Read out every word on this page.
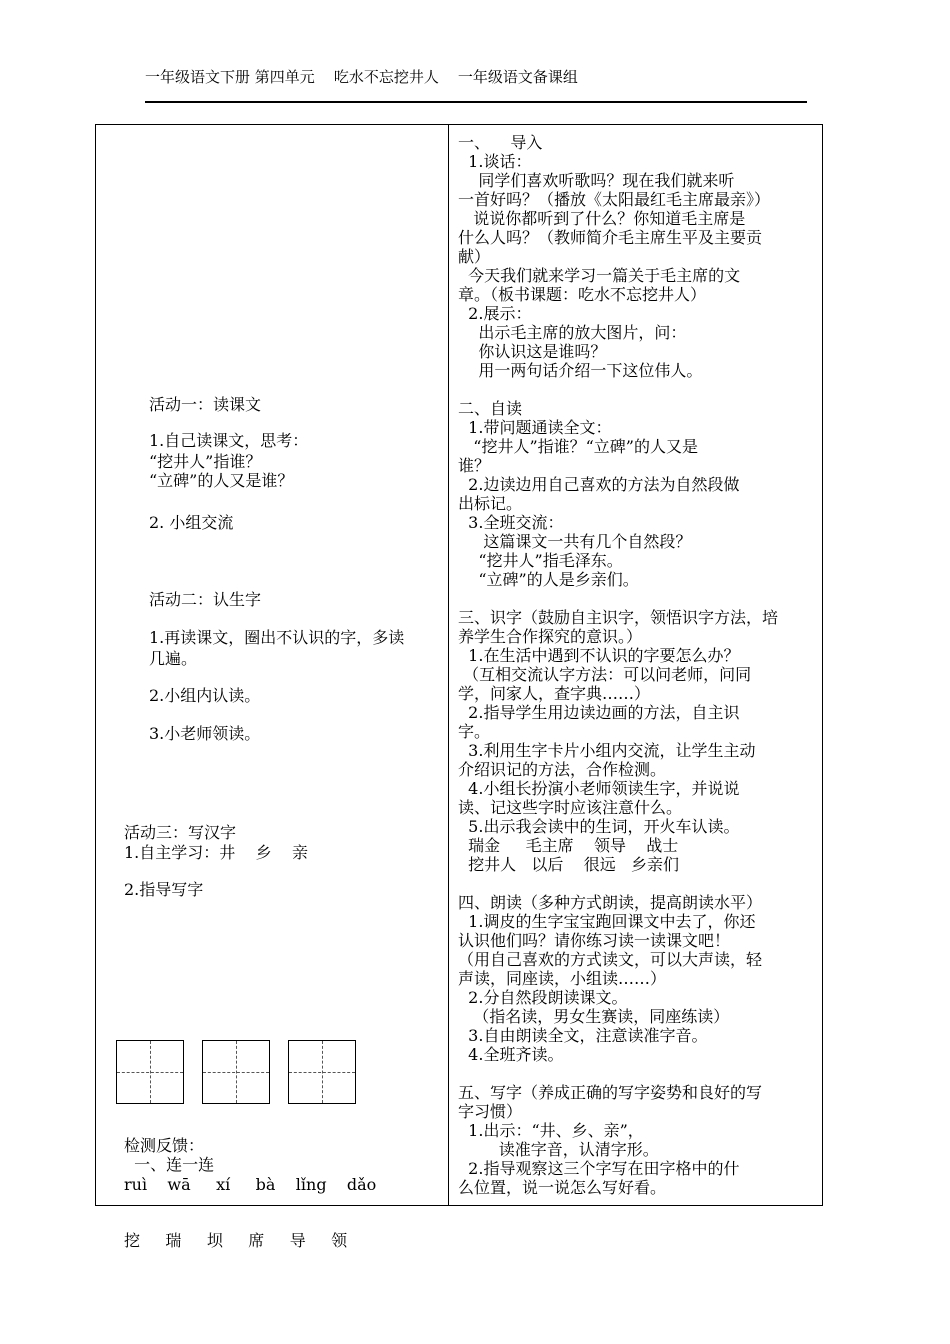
一年级语文下册 第四单元    吃水不忘挖井人    一年级语文备课组
活动一：读课文
1.自己读课文，思考：
“挖井人”指谁？
“立碑”的人又是谁？
2. 小组交流
活动二：认生字
1.再读课文，圈出不认识的字，多读
几遍。
2.小组内认读。
3.小老师领读。
活动三：写汉字
1.自主学习：井    乡    亲
2.指导写字
检测反馈：
一、连一连
ruì    wā     xí     bà    lǐng    dǎo
挖     瑞     坝     席     导     领
一、    导入
1.谈话：
同学们喜欢听歌吗？现在我们就来听
一首好吗？（播放《太阳最红毛主席最亲》）
说说你都听到了什么？你知道毛主席是
什么人吗？（教师简介毛主席生平及主要贡
献）
今天我们就来学习一篇关于毛主席的文
章。（板书课题：吃水不忘挖井人）
2.展示：
出示毛主席的放大图片，问：
你认识这是谁吗？
用一两句话介绍一下这位伟人。
二、自读
1.带问题通读全文：
“挖井人”指谁？“立碑”的人又是
谁？
2.边读边用自己喜欢的方法为自然段做
出标记。
3.全班交流：
这篇课文一共有几个自然段？
“挖井人”指毛泽东。
“立碑”的人是乡亲们。
三、识字（鼓励自主识字，领悟识字方法，培
养学生合作探究的意识。）
1.在生活中遇到不认识的字要怎么办？
（互相交流认字方法：可以问老师，问同
学，问家人，查字典……）
2.指导学生用边读边画的方法，自主识
字。
3.利用生字卡片小组内交流，让学生主动
介绍识记的方法，合作检测。
4.小组长扮演小老师领读生字，并说说
读、记这些字时应该注意什么。
5.出示我会读中的生词，开火车认读。
瑞金     毛主席    领导    战士
挖井人   以后    很远   乡亲们
四、朗读（多种方式朗读，提高朗读水平）
1.调皮的生字宝宝跑回课文中去了，你还
认识他们吗？请你练习读一读课文吧！
（用自己喜欢的方式读文，可以大声读，轻
声读，同座读，小组读……）
2.分自然段朗读课文。
（指名读，男女生赛读，同座练读）
3.自由朗读全文，注意读准字音。
4.全班齐读。
五、写字（养成正确的写字姿势和良好的写
字习惯）
1.出示：“井、乡、亲”，
读准字音，认清字形。
2.指导观察这三个字写在田字格中的什
么位置，说一说怎么写好看。
